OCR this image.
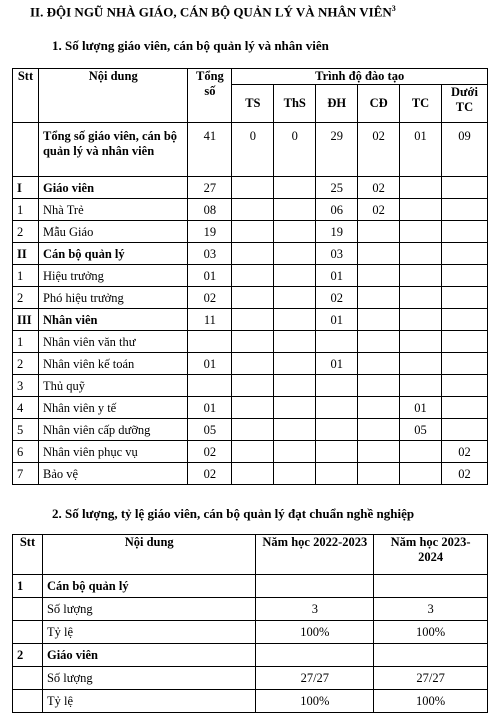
II. ĐỘI NGŨ NHÀ GIÁO, CÁN BỘ QUẢN LÝ VÀ NHÂN VIÊN$^3$
1. Số lượng giáo viên, cán bộ quản lý và nhân viên
Stt	Nội dung	Tổng số	Trình độ đào tạo					
			TS	ThS	ĐH	CĐ	TC	Dưới TC
	Tổng số giáo viên, cán bộ quản lý và nhân viên	41	0	0	29	02	01	09
I	Giáo viên	27			25	02		
1	Nhà Trẻ	08			06	02		
2	Mẫu Giáo	19			19			
II	Cán bộ quản lý	03			03			
1	Hiệu trưởng	01			01			
2	Phó hiệu trưởng	02			02			
III	Nhân viên	11			01			
1	Nhân viên văn thư							
2	Nhân viên kế toán	01			01			
3	Thủ quỹ							
4	Nhân viên y tế	01					01	
5	Nhân viên cấp dưỡng	05					05	
6	Nhân viên phục vụ	02						02
7	Bảo vệ	02						02
2. Số lượng, tỷ lệ giáo viên, cán bộ quản lý đạt chuẩn nghề nghiệp
Stt	Nội dung	Năm học 2022-2023	Năm học 2023-2024
1	Cán bộ quản lý		
	Số lượng	3	3
	Tỷ lệ	100%	100%
2	Giáo viên		
	Số lượng	27/27	27/27
	Tỷ lệ	100%	100%
